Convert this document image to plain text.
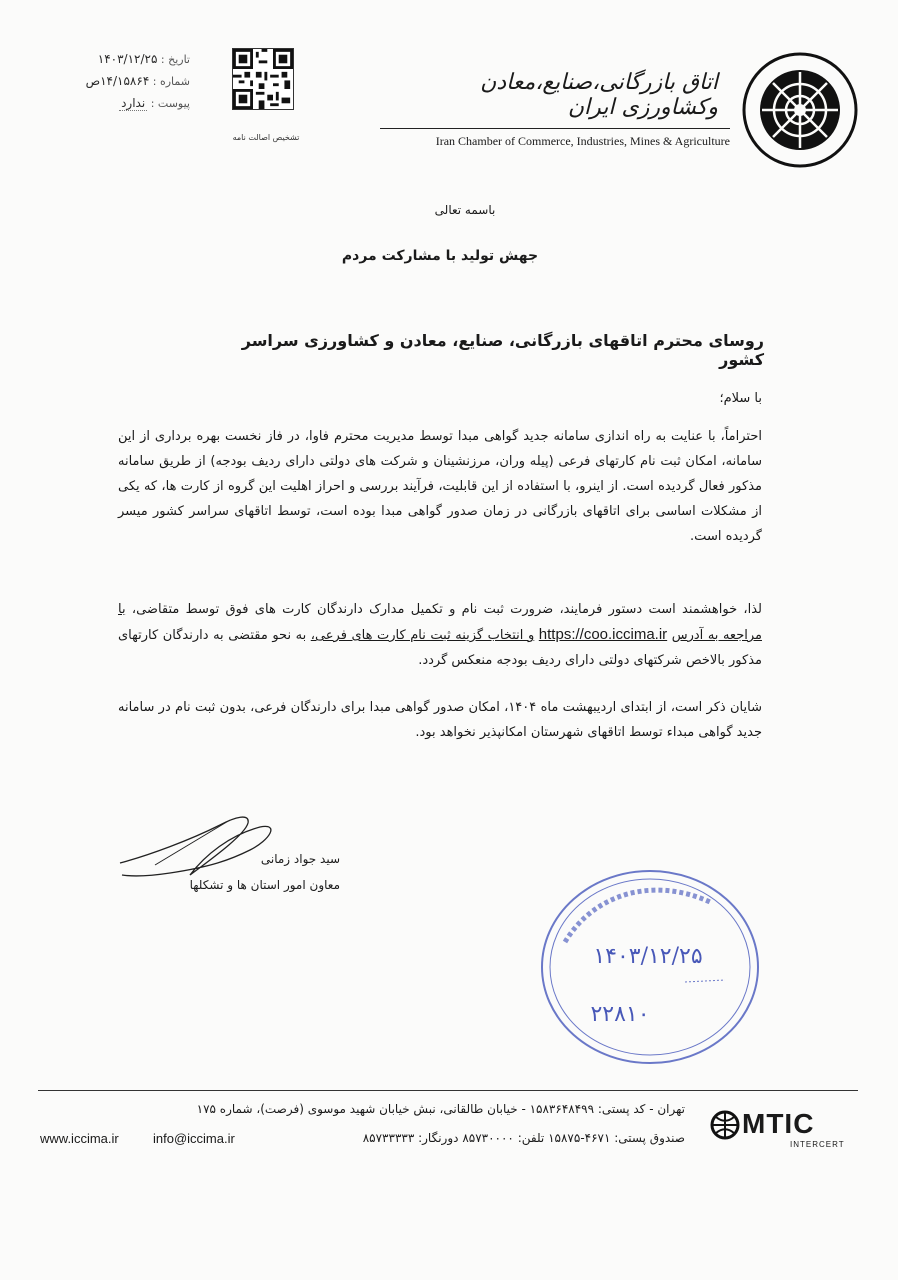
تاریخ : ۱۴۰۳/۱۲/۲۵
شماره : ۱۴/۱۵۸۶۴ص
پیوست : ندارد
تشخیص اصالت نامه
اتاق بازرگانی،صنایع،معادن وکشاورزی ایران
Iran Chamber of Commerce, Industries, Mines & Agriculture
باسمه تعالی
جهش تولید با مشارکت مردم
روسای محترم اتاقهای بازرگانی، صنایع، معادن و کشاورزی سراسر کشور
با سلام؛
احتراماً، با عنایت به راه اندازی سامانه جدید گواهی مبدا توسط مدیریت محترم فاوا، در فاز نخست بهره برداری از این سامانه، امکان ثبت نام کارتهای فرعی (پیله وران، مرزنشینان و شرکت های دولتی دارای ردیف بودجه) از طریق سامانه مذکور فعال گردیده است. از اینرو، با استفاده از این قابلیت، فرآیند بررسی و احراز اهلیت این گروه از کارت ها، که یکی از مشکلات اساسی برای اتاقهای بازرگانی در زمان صدور گواهی مبدا بوده است، توسط اتاقهای سراسر کشور میسر گردیده است.
لذا، خواهشمند است دستور فرمایند، ضرورت ثبت نام و تکمیل مدارک دارندگان کارت های فوق توسط متقاضی، با مراجعه به آدرس https://coo.iccima.ir و انتخاب گزینه ثبت نام کارت های فرعی، به نحو مقتضی به دارندگان کارتهای مذکور بالاخص شرکتهای دولتی دارای ردیف بودجه منعکس گردد.
شایان ذکر است، از ابتدای اردیبهشت ماه ۱۴۰۴، امکان صدور گواهی مبدا برای دارندگان فرعی، بدون ثبت نام در سامانه جدید گواهی مبداء توسط اتاقهای شهرستان امکانپذیر نخواهد بود.
سید جواد زمانی
معاون امور استان ها و تشکلها
۱۴۰۳/۱۲/۲۵
۲۲۸۱۰
تهران - کد پستی: ۱۵۸۳۶۴۸۴۹۹ - خیابان طالقانی، نبش خیابان شهید موسوی (فرصت)، شماره ۱۷۵
صندوق پستی: ۴۶۷۱-۱۵۸۷۵ تلفن: ۸۵۷۳۰۰۰۰ دورنگار: ۸۵۷۳۳۳۳۳
info@iccima.ir
www.iccima.ir	MTIC
INTERCERT
